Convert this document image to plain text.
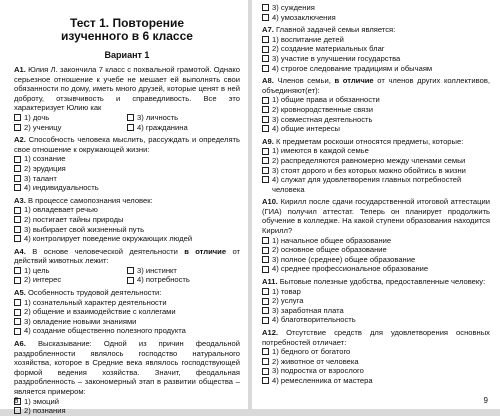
Тест 1. Повторение
изученного в 6 классе
Вариант 1

А1. Юлия Л. закончила 7 класс с похвальной грамотой. Однако серьезное отношение к учебе не мешает ей выполнять свои обязанности по дому, иметь много друзей, которые ценят в ней доброту, отзывчивость и справедливость. Все это характеризует Юлию как

1) дочь	3) личность
2) ученицу	4) гражданина

А2. Способность человека мыслить, рассуждать и определять свое отношение к окружающей жизни:

1) сознание
2) эрудиция
3) талант
4) индивидуальность

А3. В процессе самопознания человек:

1) овладевает речью
2) постигает тайны природы
3) выбирает свой жизненный путь
4) контролирует поведение окружающих людей

А4. В основе человеческой деятельности в отличие от действий животных лежит:

1) цель	3) инстинкт
2) интерес	4) потребность

А5. Особенность трудовой деятельности:

1) сознательный характер деятельности
2) общение и взаимодействие с коллегами
3) овладение новыми знаниями
4) создание общественно полезного продукта

А6. Высказывание: Одной из причин феодальной раздробленности являлось господство натурального хозяйства, которое в Средние века являлось господствующей формой ведения хозяйства. Значит, феодальная раздробленность – закономерный этап в развитии общества – является примером:

1) эмоций
2) познания
8
3) суждения
4) умозаключения

А7. Главной задачей семьи является:

1) воспитание детей
2) создание материальных благ
3) участие в улучшении государства
4) строгое следование традициям и обычаям

А8. Членов семьи, в отличие от членов других коллективов, объединяют(ет):

1) общие права и обязанности
2) кровнородственные связи
3) совместная деятельность
4) общие интересы

А9. К предметам роскоши относятся предметы, которые:

1) имеются в каждой семье
2) распределяются равномерно между членами семьи
3) стоят дорого и без которых можно обойтись в жизни
4) служат для удовлетворения главных потребностей человека

А10. Кирилл после сдачи государственной итоговой аттестации (ГИА) получил аттестат. Теперь он планирует продолжить обучение в колледже. На какой ступени образования находится Кирилл?

1) начальное общее образование
2) основное общее образование
3) полное (среднее) общее образование
4) среднее профессиональное образование

А11. Бытовые полезные удобства, предоставленные человеку:

1) товар
2) услуга
3) заработная плата
4) благотворительность

А12. Отсутствие средств для удовлетворения основных потребностей отличает:

1) бедного от богатого
2) животное от человека
3) подростка от взрослого
4) ремесленника от мастера
9
